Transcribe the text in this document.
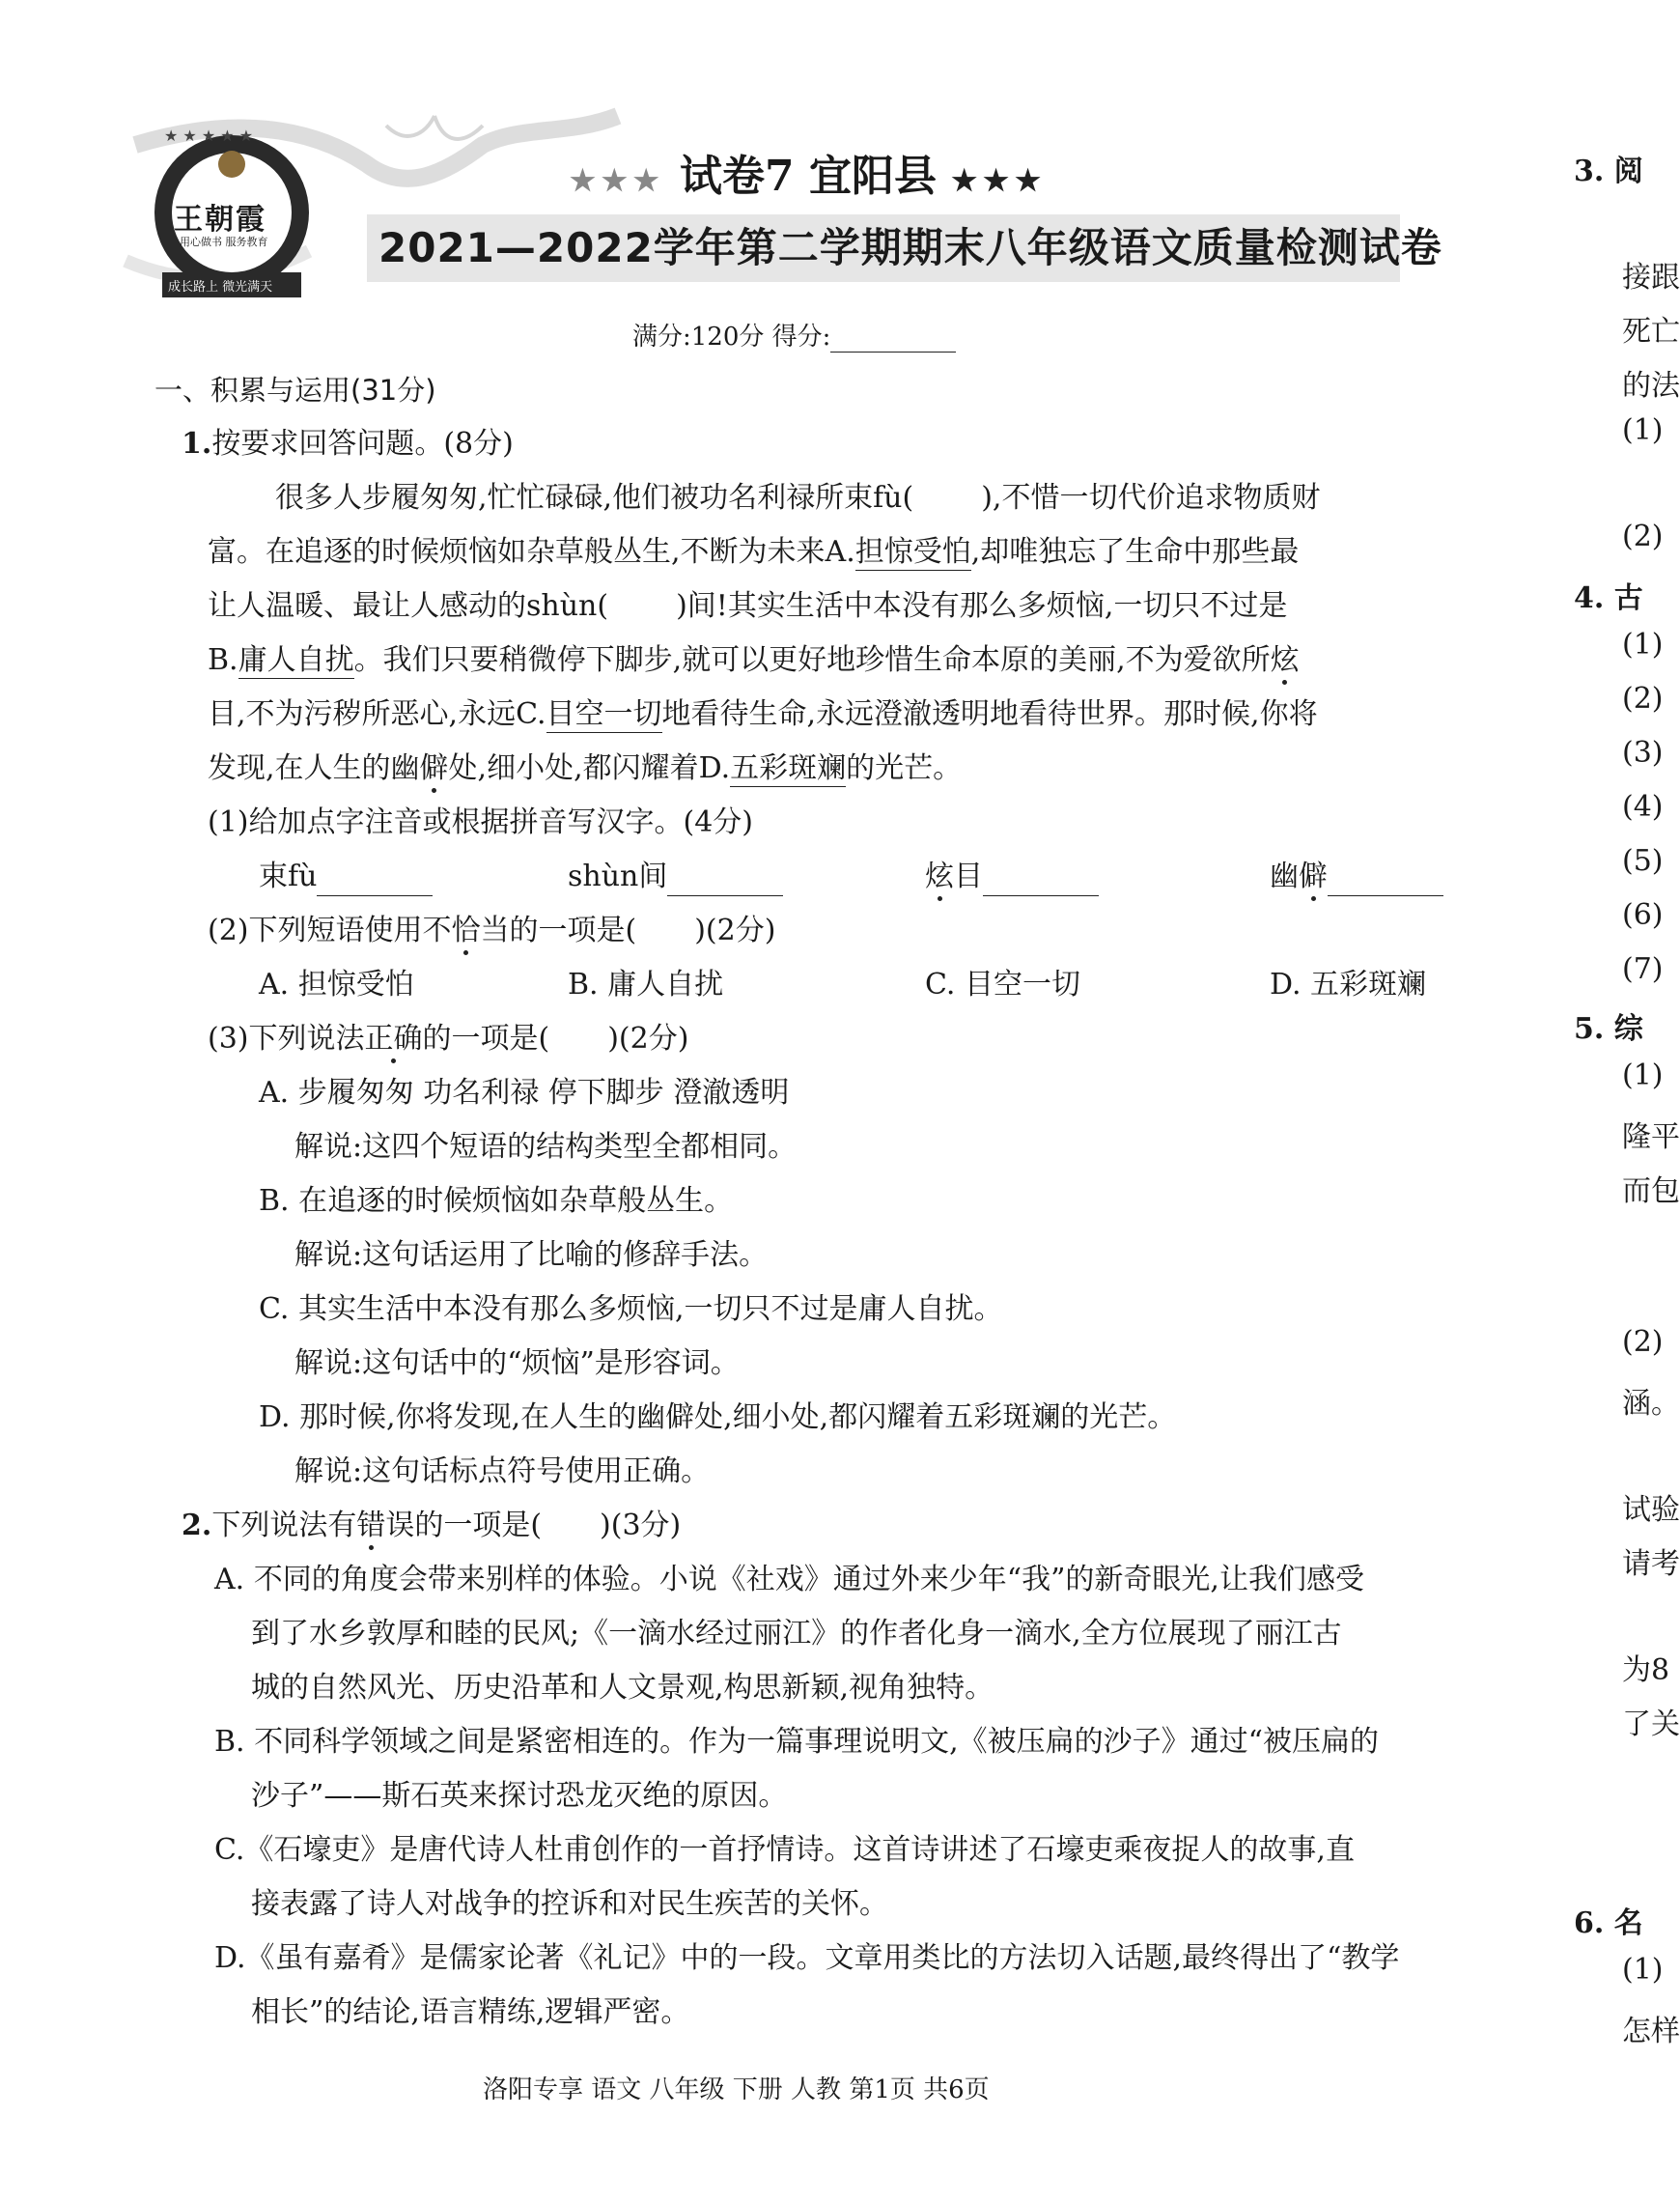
★ ★ ★ ★ ★
王朝霞
用心做书 服务教育
成长路上 微光满天
★★★ 试卷7 宜阳县 ★★★
2021—2022学年第二学期期末八年级语文质量检测试卷
满分:120分 得分:
一、积累与运用(31分)
1.按要求回答问题。(8分)
很多人步履匆匆,忙忙碌碌,他们被功名利禄所束fù( ),不惜一切代价追求物质财
富。在追逐的时候烦恼如杂草般丛生,不断为未来A.担惊受怕,却唯独忘了生命中那些最
让人温暖、最让人感动的shùn( )间!其实生活中本没有那么多烦恼,一切只不过是
B.庸人自扰。我们只要稍微停下脚步,就可以更好地珍惜生命本原的美丽,不为爱欲所炫
目,不为污秽所恶心,永远C.目空一切地看待生命,永远澄澈透明地看待世界。那时候,你将
发现,在人生的幽僻处,细小处,都闪耀着D.五彩斑斓的光芒。
(1)给加点字注音或根据拼音写汉字。(4分)
束fù	shùn间	炫目	幽僻
(2)下列短语使用不恰当的一项是( )(2分)
A. 担惊受怕	B. 庸人自扰	C. 目空一切	D. 五彩斑斓
(3)下列说法正确的一项是( )(2分)
A. 步履匆匆 功名利禄 停下脚步 澄澈透明
解说:这四个短语的结构类型全都相同。
B. 在追逐的时候烦恼如杂草般丛生。
解说:这句话运用了比喻的修辞手法。
C. 其实生活中本没有那么多烦恼,一切只不过是庸人自扰。
解说:这句话中的“烦恼”是形容词。
D. 那时候,你将发现,在人生的幽僻处,细小处,都闪耀着五彩斑斓的光芒。
解说:这句话标点符号使用正确。
2.下列说法有错误的一项是( )(3分)
A. 不同的角度会带来别样的体验。小说《社戏》通过外来少年“我”的新奇眼光,让我们感受
到了水乡敦厚和睦的民风;《一滴水经过丽江》的作者化身一滴水,全方位展现了丽江古
城的自然风光、历史沿革和人文景观,构思新颖,视角独特。
B. 不同科学领域之间是紧密相连的。作为一篇事理说明文,《被压扁的沙子》通过“被压扁的
沙子”——斯石英来探讨恐龙灭绝的原因。
C.《石壕吏》是唐代诗人杜甫创作的一首抒情诗。这首诗讲述了石壕吏乘夜捉人的故事,直
接表露了诗人对战争的控诉和对民生疾苦的关怀。
D.《虽有嘉肴》是儒家论著《礼记》中的一段。文章用类比的方法切入话题,最终得出了“教学
相长”的结论,语言精练,逻辑严密。
洛阳专享 语文 八年级 下册 人教 第1页 共6页
3. 阅
接跟
死亡
的法
(1)
(2)
4. 古
(1)
(2)
(3)
(4)
(5)
(6)
(7)
5. 综
(1)
隆平
而包
(2)
涵。
试验
请考
为8
了关
6. 名
(1)
怎样
